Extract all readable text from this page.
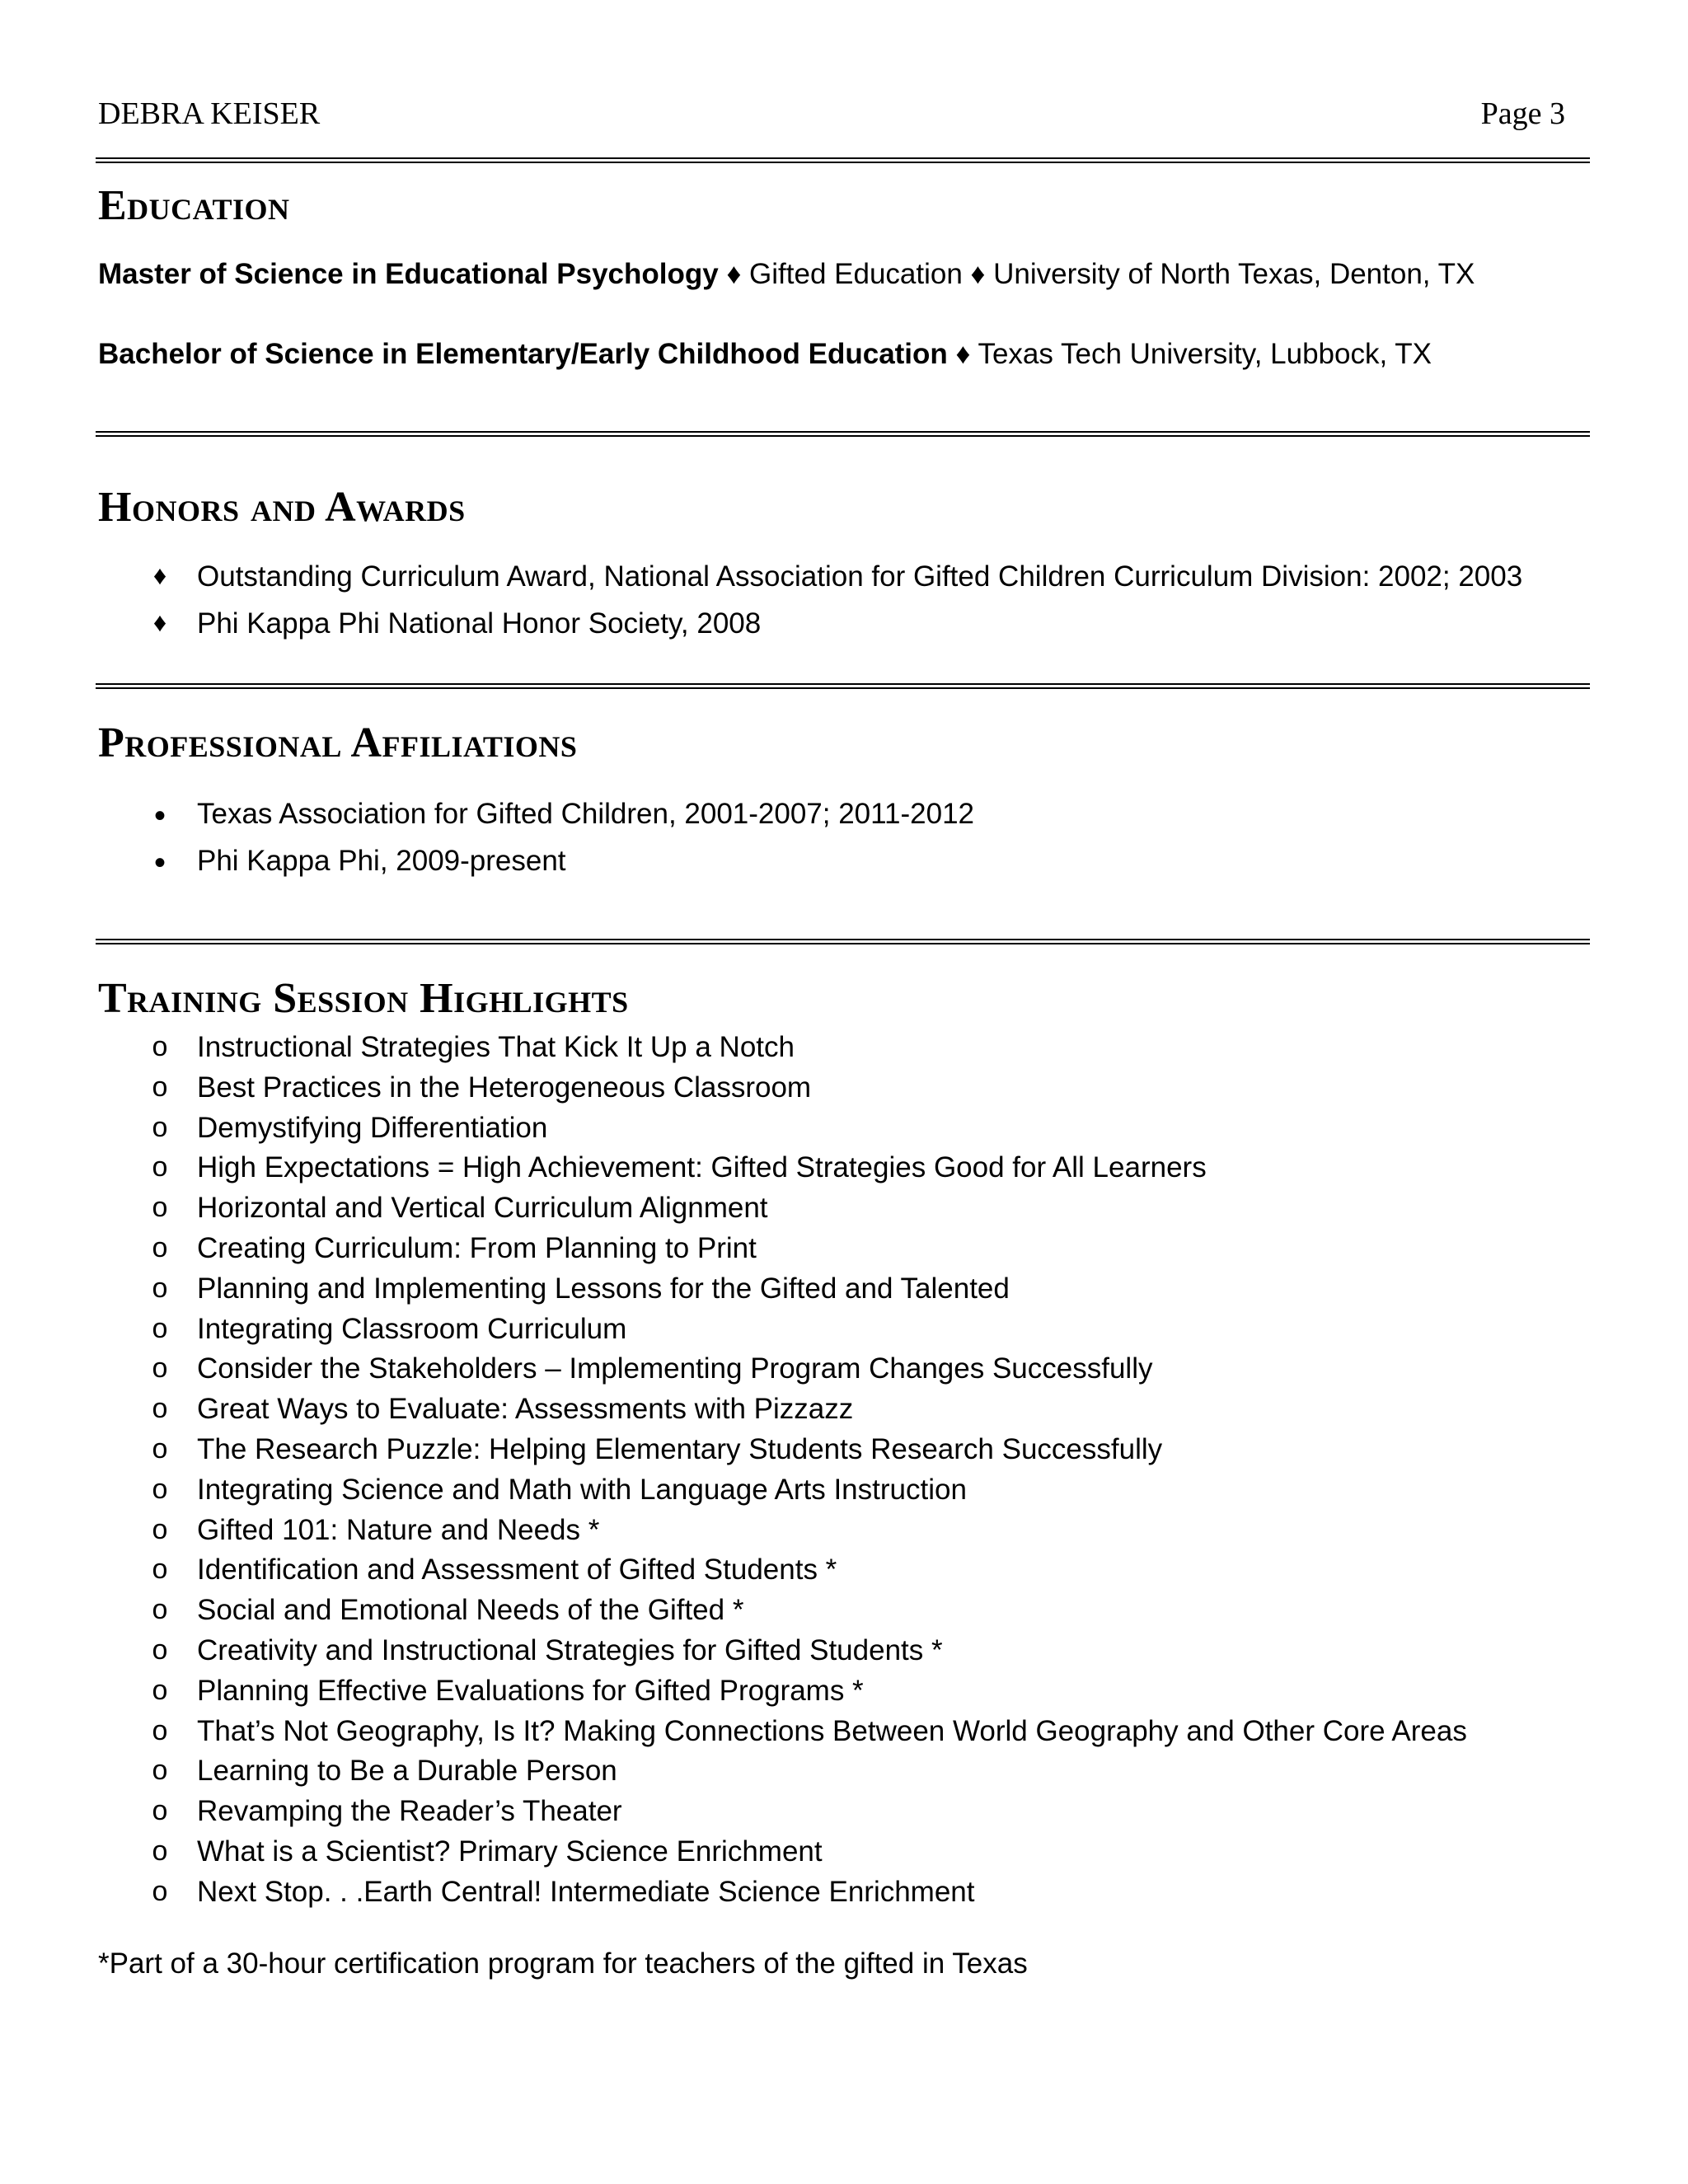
DEBRA KEISER	Page 3
Education
Master of Science in Educational Psychology ♦ Gifted Education ♦ University of North Texas, Denton, TX
Bachelor of Science in Elementary/Early Childhood Education ♦ Texas Tech University, Lubbock, TX
Honors and Awards
♦ Outstanding Curriculum Award, National Association for Gifted Children Curriculum Division: 2002; 2003
♦ Phi Kappa Phi National Honor Society, 2008
Professional Affiliations
• Texas Association for Gifted Children, 2001-2007; 2011-2012
• Phi Kappa Phi, 2009-present
Training Session Highlights
o Instructional Strategies That Kick It Up a Notch
o Best Practices in the Heterogeneous Classroom
o Demystifying Differentiation
o High Expectations = High Achievement: Gifted Strategies Good for All Learners
o Horizontal and Vertical Curriculum Alignment
o Creating Curriculum: From Planning to Print
o Planning and Implementing Lessons for the Gifted and Talented
o Integrating Classroom Curriculum
o Consider the Stakeholders – Implementing Program Changes Successfully
o Great Ways to Evaluate: Assessments with Pizzazz
o The Research Puzzle: Helping Elementary Students Research Successfully
o Integrating Science and Math with Language Arts Instruction
o Gifted 101: Nature and Needs *
o Identification and Assessment of Gifted Students *
o Social and Emotional Needs of the Gifted *
o Creativity and Instructional Strategies for Gifted Students *
o Planning Effective Evaluations for Gifted Programs *
o That’s Not Geography, Is It? Making Connections Between World Geography and Other Core Areas
o Learning to Be a Durable Person
o Revamping the Reader’s Theater
o What is a Scientist? Primary Science Enrichment
o Next Stop. . .Earth Central! Intermediate Science Enrichment
*Part of a 30-hour certification program for teachers of the gifted in Texas
